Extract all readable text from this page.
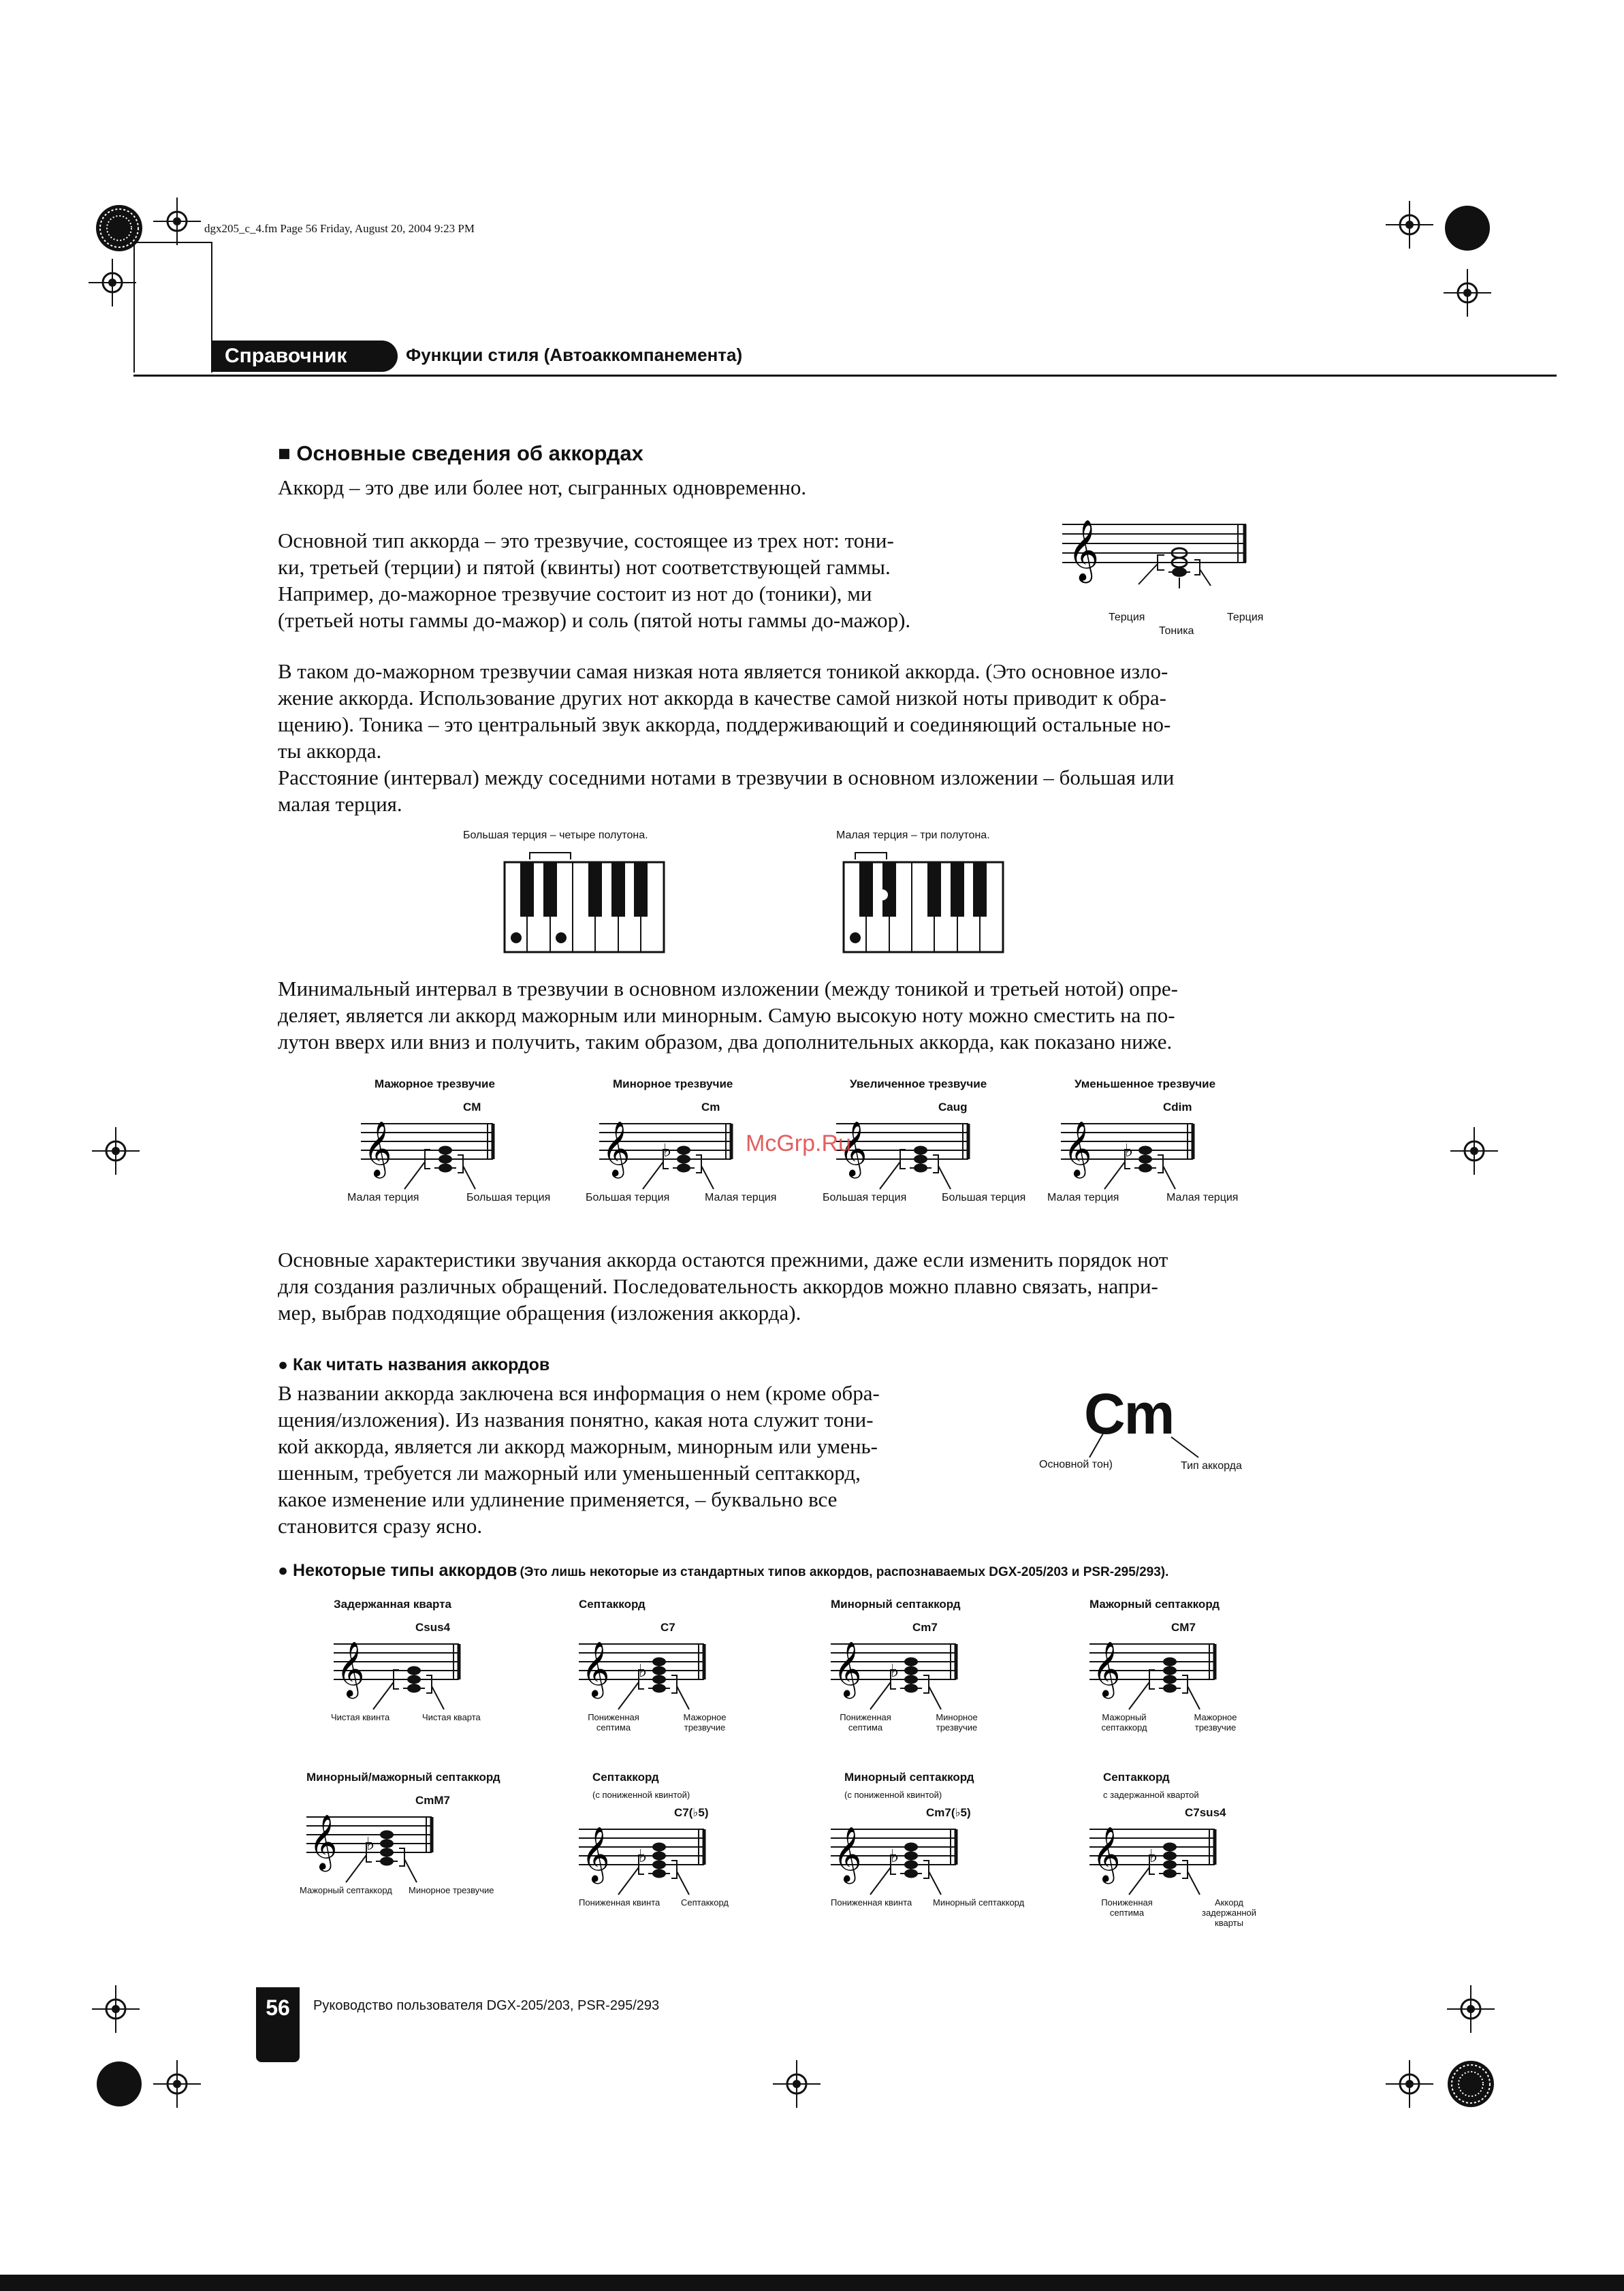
dgx205_c_4.fm Page 56 Friday, August 20, 2004 9:23 PM
Справочник	Функции стиля (Автоаккомпанемента)
■ Основные сведения об аккордах
Аккорд – это две или более нот, сыгранных одновременно.
Основной тип аккорда – это трезвучие, состоящее из трех нот: тони-
ки, третьей (терции) и пятой (квинты) нот соответствующей гаммы.
Например, до-мажорное трезвучие состоит из нот до (тоники), ми
(третьей ноты гаммы до-мажор) и соль (пятой ноты гаммы до-мажор).
𝄞
Терция
Тоника
Терция
В таком до-мажорном трезвучии самая низкая нота является тоникой аккорда. (Это основное изло-
жение аккорда. Использование других нот аккорда в качестве самой низкой ноты приводит к обра-
щению). Тоника – это центральный звук аккорда, поддерживающий и соединяющий остальные но-
ты аккорда.
Расстояние (интервал) между соседними нотами в трезвучии в основном изложении – большая или
малая терция.
Большая терция – четыре полутона.	Малая терция – три полутона.
Минимальный интервал в трезвучии в основном изложении (между тоникой и третьей нотой) опре-
деляет, является ли аккорд мажорным или минорным. Самую высокую ноту можно сместить на по-
лутон вверх или вниз и получить, таким образом, два дополнительных аккорда, как показано ниже.
Мажорное трезвучие
CM
𝄞
Малая терция	Большая терция
Минорное трезвучие
Cm
𝄞 ♭
Большая терция	Малая терция
Увеличенное трезвучие
Caug
𝄞
Большая терция	Большая терция
Уменьшенное трезвучие
Cdim
𝄞 ♭
Малая терция	Малая терция
McGrp.Ru
Основные характеристики звучания аккорда остаются прежними, даже если изменить порядок нот
для создания различных обращений. Последовательность аккордов можно плавно связать, напри-
мер, выбрав подходящие обращения (изложения аккорда).
● Как читать названия аккордов
В названии аккорда заключена вся информация о нем (кроме обра-
щения/изложения). Из названия понятно, какая нота служит тони-
кой аккорда, является ли аккорд мажорным, минорным или умень-
шенным, требуется ли мажорный или уменьшенный септаккорд,
какое изменение или удлинение применяется, – буквально все
становится сразу ясно.
Cm
Основной тон)	Тип аккорда
● Некоторые типы аккордов (Это лишь некоторые из стандартных типов аккордов, распознаваемых DGX-205/203 и PSR-295/293).
Задержанная кварта
Csus4
𝄞
Чистая квинта	Чистая кварта
Септаккорд
C7
𝄞 ♭
Пониженная септима
Мажорное трезвучие
Минорный септаккорд
Cm7
𝄞 ♭
Пониженная септима
Минорное трезвучие
Мажорный септаккорд
CM7
𝄞
Мажорный септаккорд
Мажорное трезвучие
Минорный/мажорный септаккорд
CmM7
𝄞 ♭
Мажорный септаккорд Минорное трезвучие
Септаккорд
(с пониженной квинтой)
C7(♭5)
𝄞 ♭
Пониженная квинта Септаккорд
Минорный септаккорд
(с пониженной квинтой)
Cm7(♭5)
𝄞 ♭
Пониженная квинта Минорный септаккорд
Септаккорд
с задержанной квартой
C7sus4
𝄞 ♭
Пониженная септима
Аккорд задержанной кварты
56	Руководство пользователя DGX-205/203, PSR-295/293
